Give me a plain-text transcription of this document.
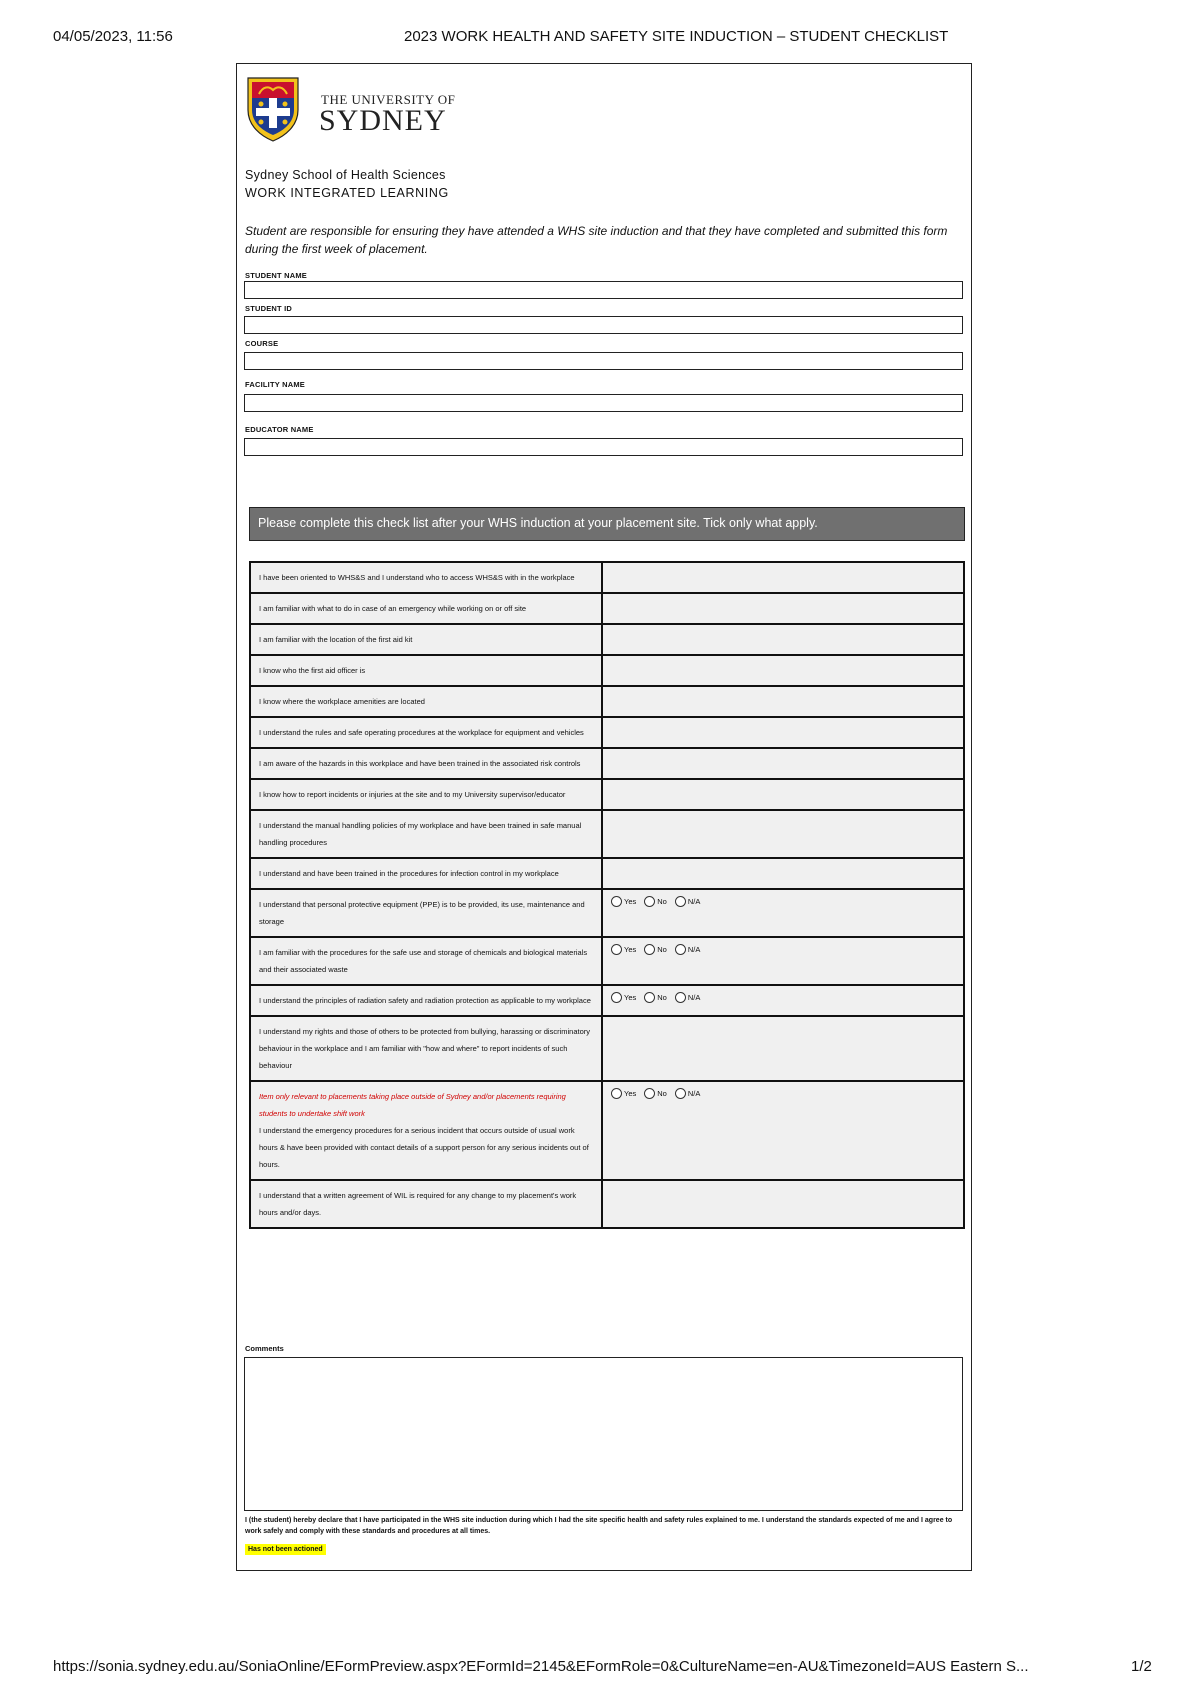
04/05/2023, 11:56	2023 WORK HEALTH AND SAFETY SITE INDUCTION – STUDENT CHECKLIST
THE UNIVERSITY OF
SYDNEY
Sydney School of Health Sciences
WORK INTEGRATED LEARNING
Student are responsible for ensuring they have attended a WHS site induction and that they have completed and submitted this form during the first week of placement.
STUDENT NAME
STUDENT ID
COURSE
FACILITY NAME
EDUCATOR NAME
Please complete this check list after your WHS induction at your placement site. Tick only what apply.
I have been oriented to WHS&S and I understand who to access WHS&S with in the workplace
I am familiar with what to do in case of an emergency while working on or off site
I am familiar with the location of the first aid kit
I know who the first aid officer is
I know where the workplace amenities are located
I understand the rules and safe operating procedures at the workplace for equipment and vehicles
I am aware of the hazards in this workplace and have been trained in the associated risk controls
I know how to report incidents or injuries at the site and to my University supervisor/educator
I understand the manual handling policies of my workplace and have been trained in safe manual handling procedures
I understand and have been trained in the procedures for infection control in my workplace
I understand that personal protective equipment (PPE) is to be provided, its use, maintenance and storage
Yes	No	N/A
I am familiar with the procedures for the safe use and storage of chemicals and biological materials and their associated waste
Yes	No	N/A
I understand the principles of radiation safety and radiation protection as applicable to my workplace	Yes	No	N/A
I understand my rights and those of others to be protected from bullying, harassing or discriminatory behaviour in the workplace and I am familiar with "how and where" to report incidents of such behaviour
Item only relevant to placements taking place outside of Sydney and/or placements requiring students to undertake shift work
I understand the emergency procedures for a serious incident that occurs outside of usual work hours & have been provided with contact details of a support person for any serious incidents out of hours.
Yes	No	N/A
I understand that a written agreement of WIL is required for any change to my placement's work hours and/or days.
Comments
I (the student) hereby declare that I have participated in the WHS site induction during which I had the site specific health and safety rules explained to me. I understand the standards expected of me and I agree to work safely and comply with these standards and procedures at all times.
Has not been actioned
https://sonia.sydney.edu.au/SoniaOnline/EFormPreview.aspx?EFormId=2145&EFormRole=0&CultureName=en-AU&TimezoneId=AUS Eastern S...	1/2
